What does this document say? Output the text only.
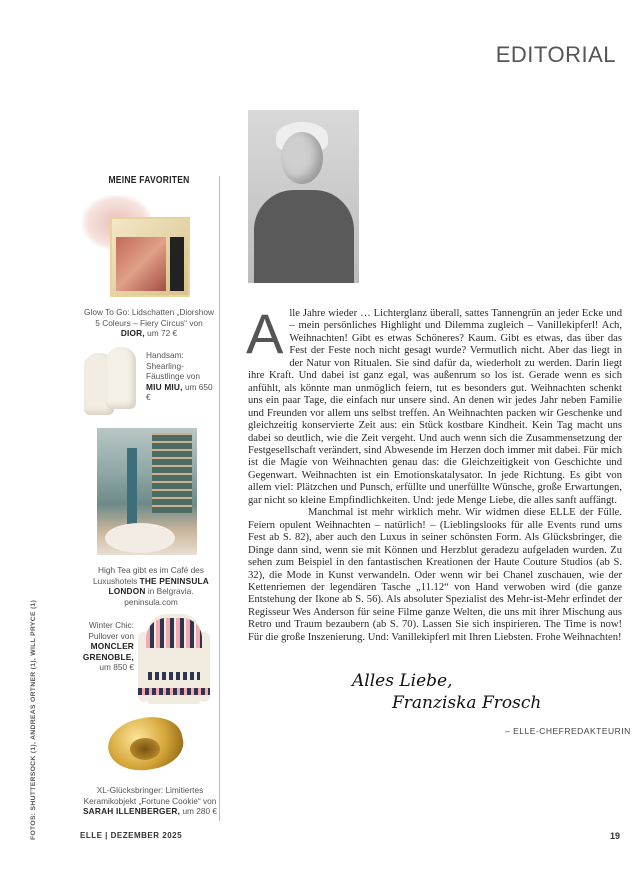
EDITORIAL
MEINE FAVORITEN
Glow To Go: Lidschatten „Diorshow 5 Coleurs – Fiery Circus“ von DIOR, um 72 €
Handsam: Shearling-Fäustlinge von MIU MIU, um 650 €
High Tea gibt es im Café des Luxushotels THE PENINSULA LONDON in Belgravia. peninsula.com
Winter Chic: Pullover von MONCLER GRENOBLE, um 850 €
XL-Glücksbringer: Limitiertes Keramikobjekt „Fortune Cookie“ von SARAH ILLENBERGER, um 280 €

Alle Jahre wieder … Lichterglanz überall, sattes Tannengrün an jeder Ecke und – mein persönliches Highlight und Dilemma zugleich – Vanillekipferl! Ach, Weihnachten! Gibt es etwas Schöneres? Kaum. Gibt es etwas, das über das Fest der Feste noch nicht gesagt wurde? Vermutlich nicht. Aber das liegt in der Natur von Ritualen. Sie sind dafür da, wiederholt zu werden. Darin liegt ihre Kraft. Und dabei ist ganz egal, was außenrum so los ist. Gerade wenn es sich anfühlt, als könnte man unmöglich feiern, tut es besonders gut. Weihnachten schenkt uns ein paar Tage, die einfach nur unsere sind. An denen wir jedes Jahr neben Familie und Freunden vor allem uns selbst treffen. An Weihnachten packen wir Geschenke und gleichzeitig konservierte Zeit aus: ein Stück kostbare Kindheit. Kein Tag macht uns dabei so deutlich, wie die Zeit vergeht. Und auch wenn sich die Zusammensetzung der Festgesellschaft verändert, sind Abwesende im Herzen doch immer mit dabei. Für mich ist die Magie von Weihnachten genau das: die Gleichzeitigkeit von Geschichte und Gegenwart. Weihnachten ist ein Emotionskatalysator. In jede Richtung. Es gibt von allem viel: Plätzchen und Punsch, erfüllte und unerfüllte Wünsche, große Erwartungen, gar nicht so kleine Empfindlichkeiten. Und: jede Menge Liebe, die alles sanft auffängt.

Manchmal ist mehr wirklich mehr. Wir widmen diese ELLE der Fülle. Feiern opulent Weihnachten – natürlich! – (Lieblingslooks für alle Events rund ums Fest ab S. 82), aber auch den Luxus in seiner schönsten Form. Als Glücksbringer, die Dinge dann sind, wenn sie mit Können und Herzblut geradezu aufgeladen wurden. Zu sehen zum Beispiel in den fantastischen Kreationen der Haute Couture Studios (ab S. 32), die Mode in Kunst verwandeln. Oder wenn wir bei Chanel zuschauen, wie der Kettenriemen der legendären Tasche „11.12“ von Hand verwoben wird (die ganze Entstehung der Ikone ab S. 56). Als absoluter Spezialist des Mehr-ist-Mehr erfindet der Regisseur Wes Anderson für seine Filme ganze Welten, die uns mit ihrer Mischung aus Retro und Traum bezaubern (ab S. 70). Lassen Sie sich inspirieren. The Time is now! Für die große Inszenierung. Und: Vanillekipferl mit Ihren Liebsten. Frohe Weihnachten!

Alles Liebe,
Franziska Frosch
– ELLE-CHEFREDAKTEURIN
FOTOS: SHUTTERSOCK (1), ANDREAS ORTNER (1), WILL PRYCE (1)	ELLE | DEZEMBER 2025	19
